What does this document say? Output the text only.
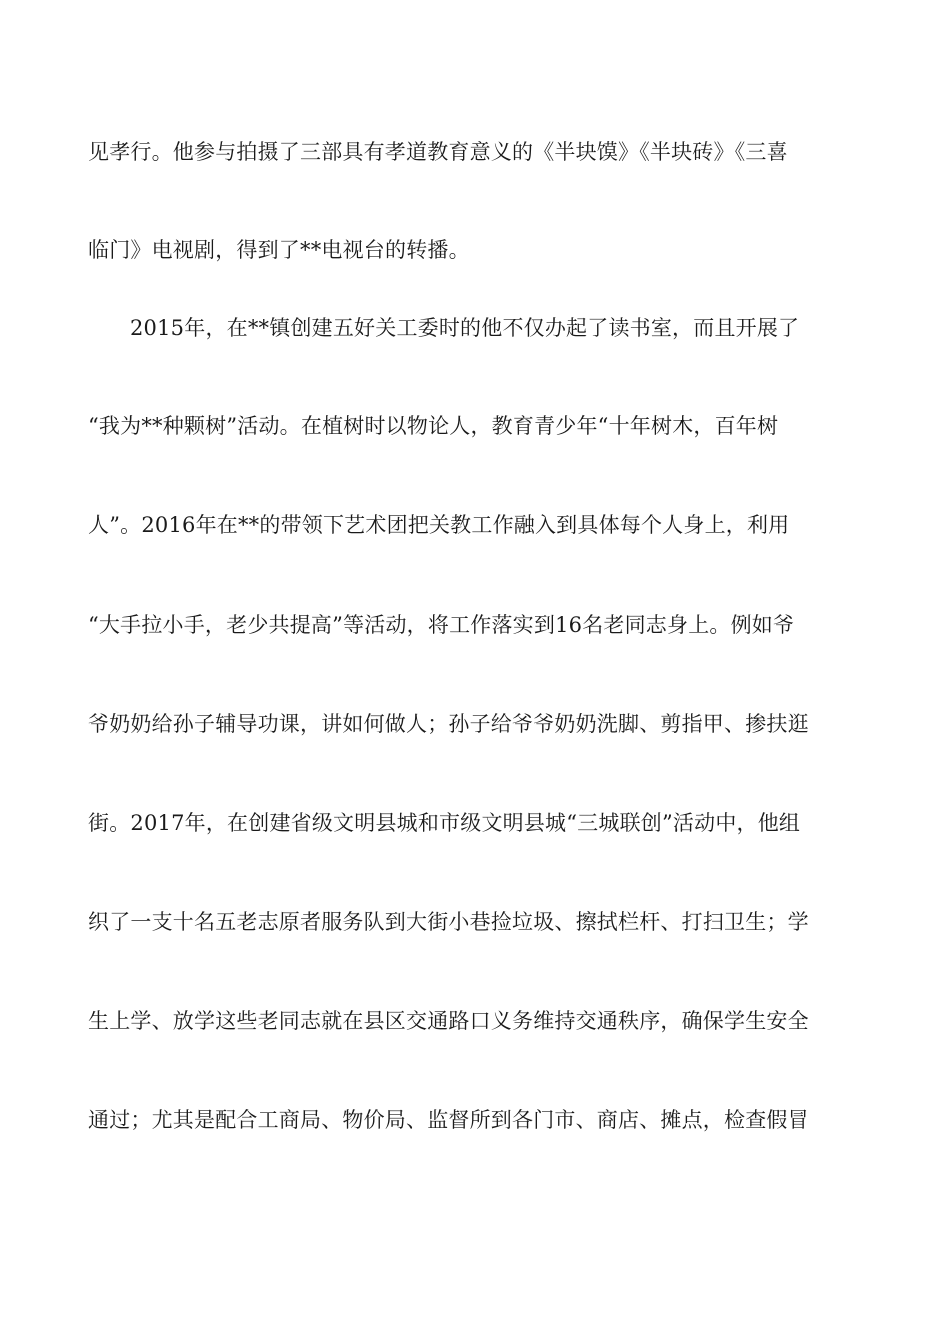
见孝行。他参与拍摄了三部具有孝道教育意义的《半块馍》《半块砖》《三喜
临门》电视剧，得到了**电视台的转播。
2015年，在**镇创建五好关工委时的他不仅办起了读书室，而且开展了
“我为**种颗树”活动。在植树时以物论人，教育青少年“十年树木，百年树
人”。2016年在**的带领下艺术团把关教工作融入到具体每个人身上，利用
“大手拉小手，老少共提高”等活动，将工作落实到16名老同志身上。例如爷
爷奶奶给孙子辅导功课，讲如何做人；孙子给爷爷奶奶洗脚、剪指甲、掺扶逛
街。2017年，在创建省级文明县城和市级文明县城“三城联创”活动中，他组
织了一支十名五老志原者服务队到大街小巷捡垃圾、擦拭栏杆、打扫卫生；学
生上学、放学这些老同志就在县区交通路口义务维持交通秩序，确保学生安全
通过；尤其是配合工商局、物价局、监督所到各门市、商店、摊点，检查假冒
